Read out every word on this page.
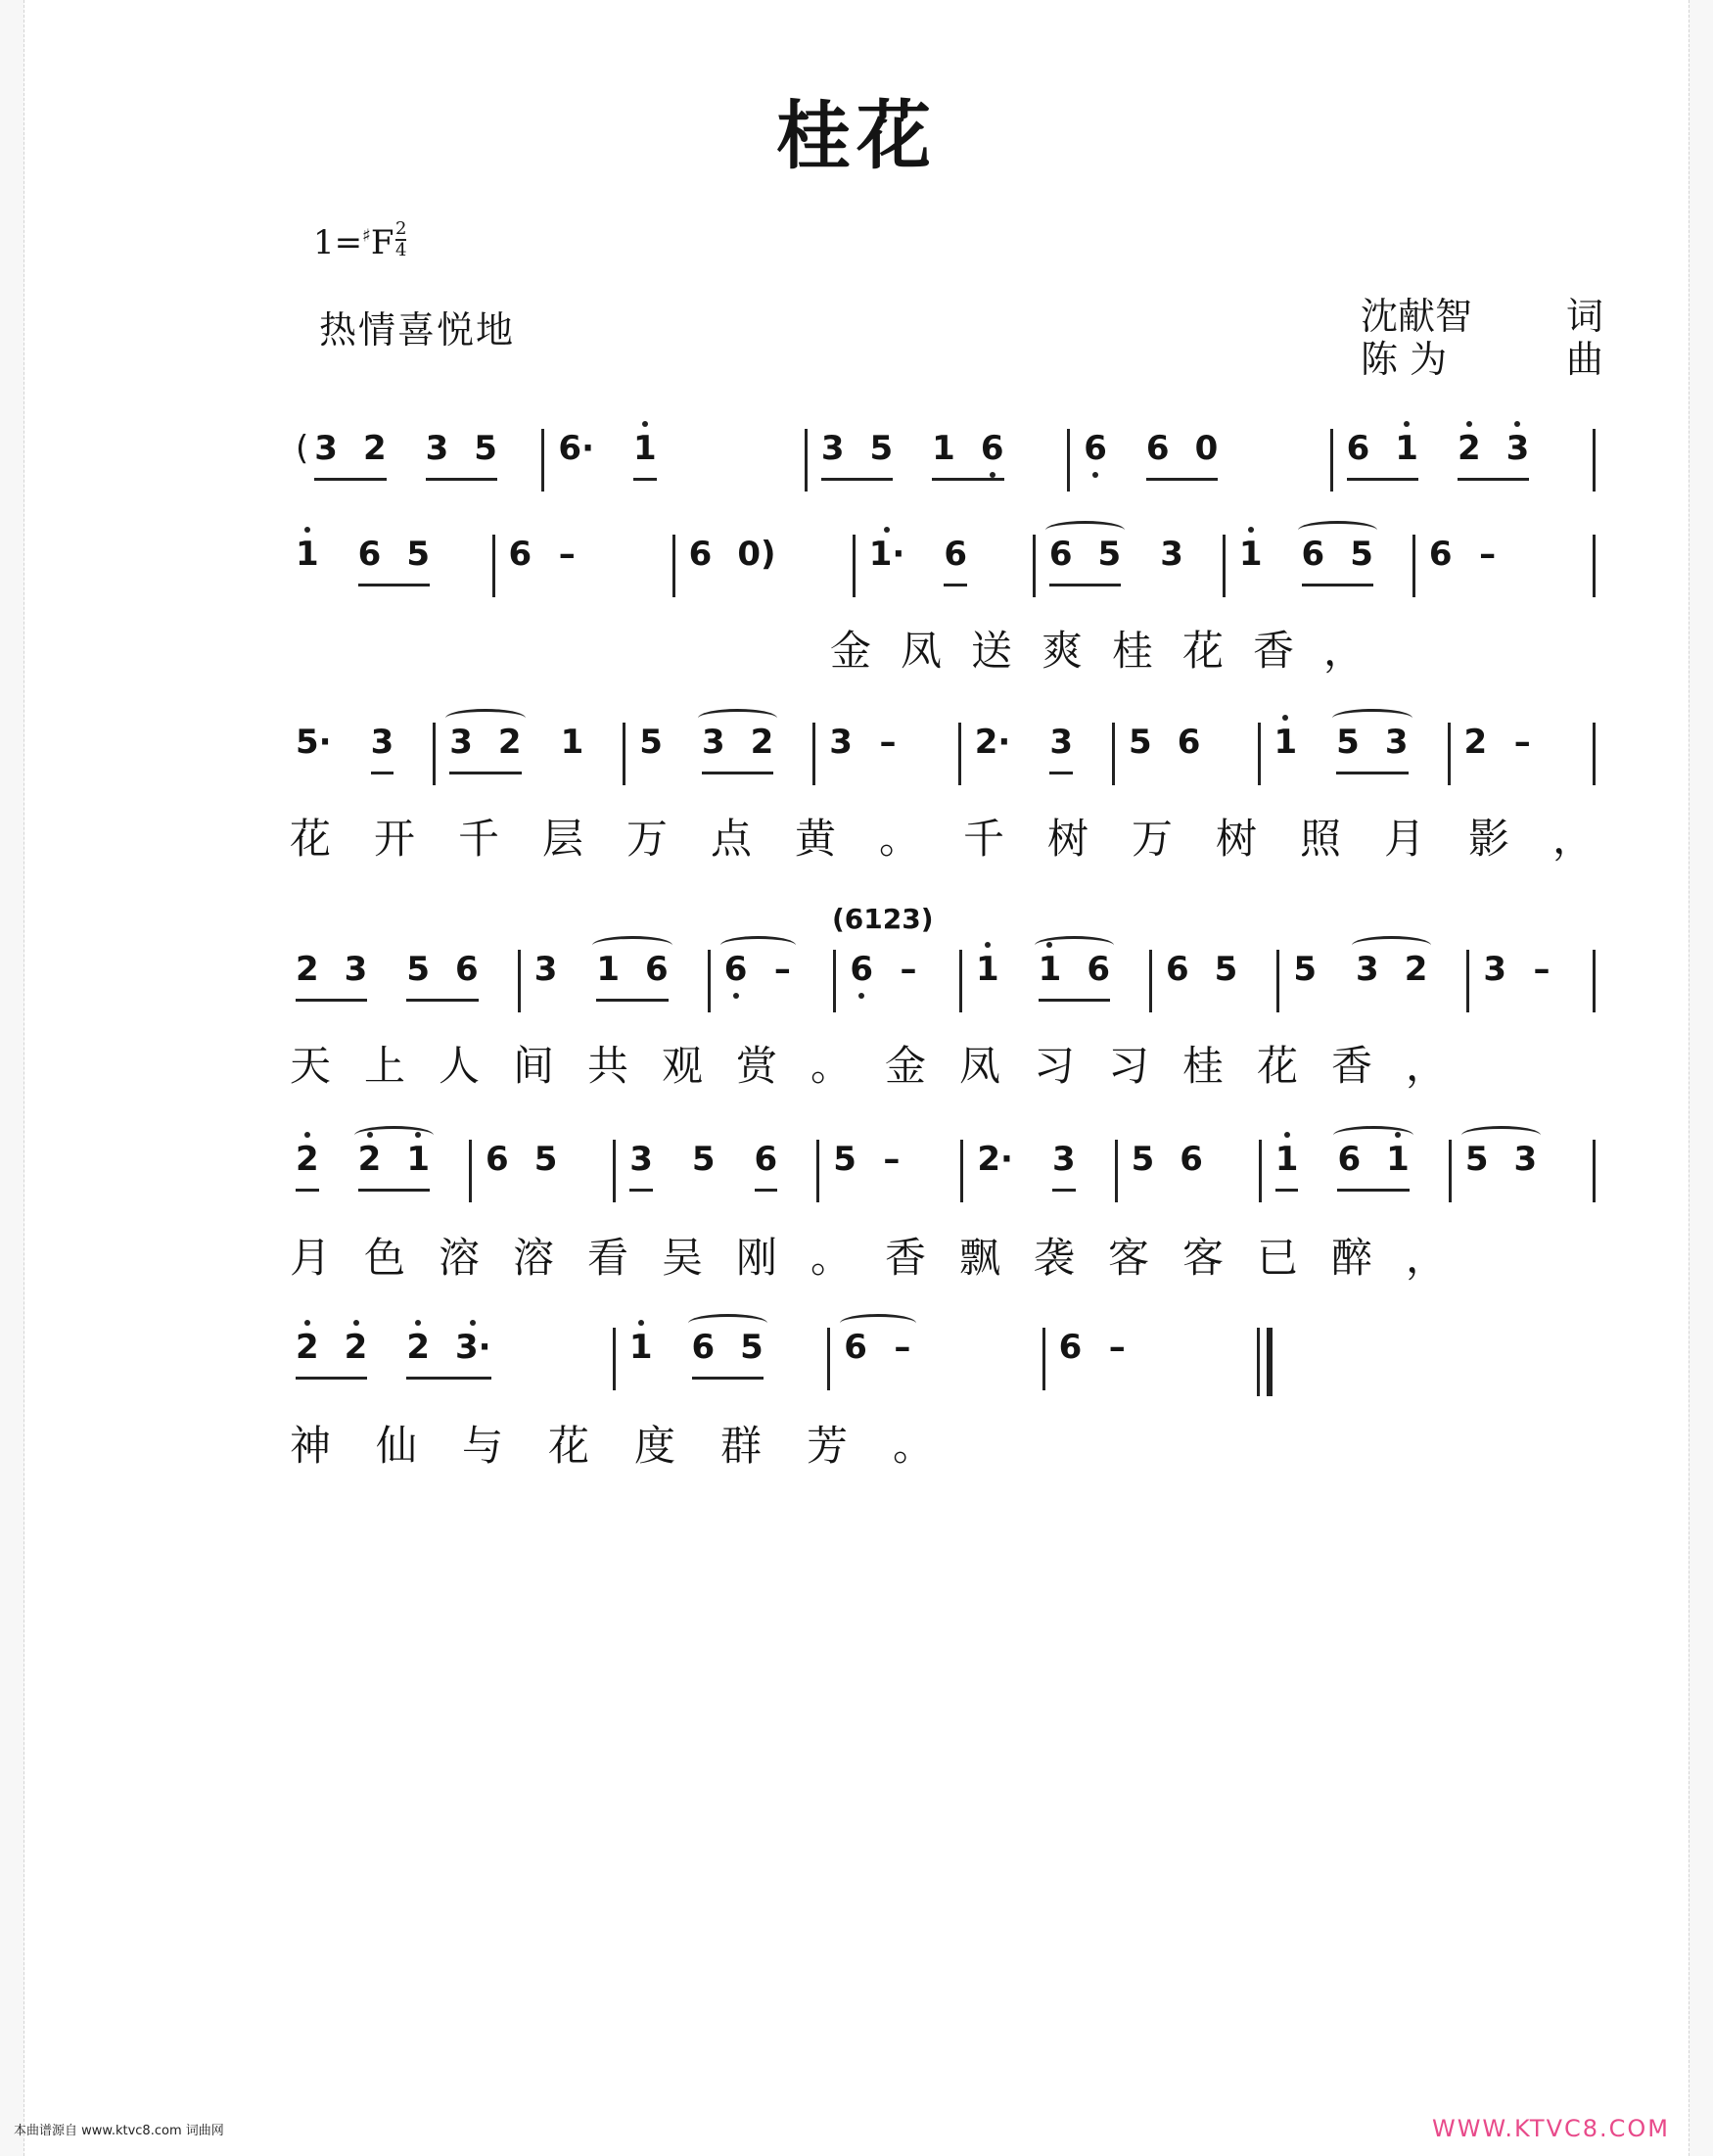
桂花
$1=^♯F \frac{2}{4}$
热情喜悦地	沈献智	词
陈 为	曲
( 3 2 3 5 6· 1	3 5 1 6 6 6 0	6 1 2 3
1 6 5 6 –	6 0)	1· 6 6 5 3 1 6 5 6 –
金凤送爽桂花香，
5· 3 3 2 1 5 3 2 3 – 2· 3 5 6 1 5 3 2 –
花开千层万点黄。千树万树照月影，
(6123)
2 3 5 6 3 1 6 6 – 6 – 1 1 6 6 5 5 3 2 3 –
天上人间共观赏。金凤习习桂花香，
2 2 1 6 5 3 5 6 5 – 2· 3 5 6 1 6 1 5 3
月色溶溶看吴刚。香飘袭客客已醉，
2 2 2 3·	1 6 5 6 –	6 –
神仙与花度群芳。
本曲谱源自 www.ktvc8.com 词曲网	WWW.KTVC8.COM
